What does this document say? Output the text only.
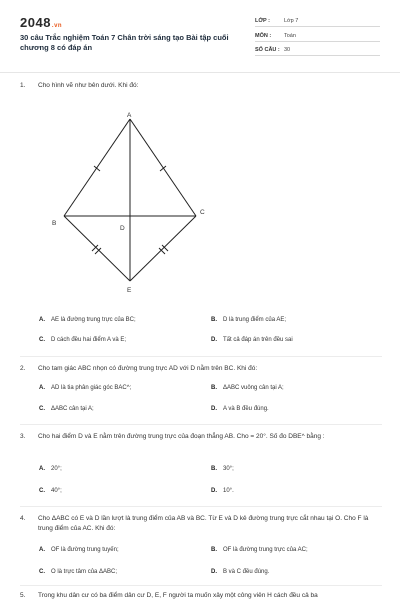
2048.vn
30 câu Trắc nghiệm Toán 7 Chân trời sáng tạo Bài tập cuối chương 8 có đáp án
LỚP :	Lớp 7
MÔN : Toán
SỐ CÂU : 30
1.	Cho hình vẽ như bên dưới. Khi đó:
A
B
C
D
E
A. AE là đường trung trực của BC;	B. D là trung điểm của AE;
C. D cách đều hai điểm A và E;	D. Tất cả đáp án trên đều sai
2.	Cho tam giác ABC nhọn có đường trung trực AD với D nằm trên BC. Khi đó:
A. AD là tia phân giác góc BAC^;	B. ΔABC vuông cân tại A;
C. ΔABC cân tại A;	D. A và B đều đúng.
3.	Cho hai điểm D và E nằm trên đường trung trực của đoạn thẳng AB. Cho = 20°. Số đo DBE^ bằng :
A. 20°;	B. 30°;
C. 40°;	D. 10°.
4.	Cho ΔABC có E và D lần lượt là trung điểm của AB và BC. Từ E và D kẻ đường trung trực cắt nhau tại O. Cho F là trung điểm của AC. Khi đó:
A. OF là đường trung tuyến;	B. OF là đường trung trực của AC;
C. O là trực tâm của ΔABC;	D. B và C đều đúng.
5.	Trong khu dân cư có ba điểm dân cư D, E, F người ta muốn xây một công viên H cách đều cả ba
